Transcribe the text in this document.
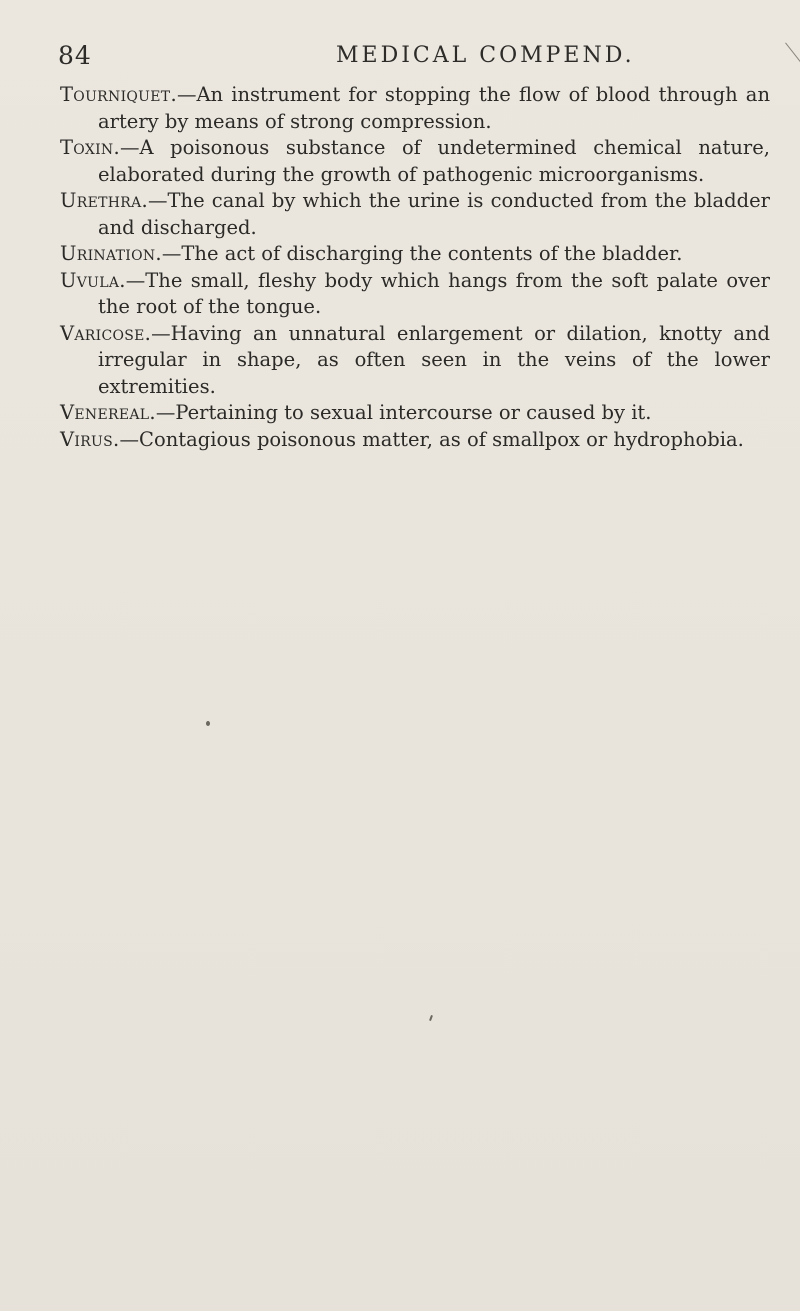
84	MEDICAL COMPEND.

Tourniquet.—An instrument for stopping the flow of blood through an artery by means of strong compression.

Toxin.—A poisonous substance of undetermined chemical nature, elaborated during the growth of pathogenic microorganisms.

Urethra.—The canal by which the urine is conducted from the bladder and discharged.

Urination.—The act of discharging the contents of the bladder.

Uvula.—The small, fleshy body which hangs from the soft palate over the root of the tongue.

Varicose.—Having an unnatural enlargement or dilation, knotty and irregular in shape, as often seen in the veins of the lower extremities.

Venereal.—Pertaining to sexual intercourse or caused by it.

Virus.—Contagious poisonous matter, as of smallpox or hydrophobia.
